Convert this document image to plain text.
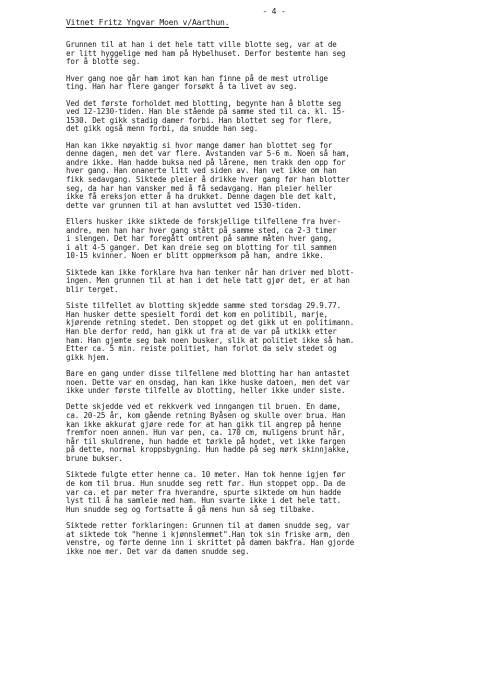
- 4 -
Vitnet Fritz Yngvar Moen v/Aarthun.
Grunnen til at han i det hele tatt ville blotte seg, var at de
er litt hyggelige med ham på Hybelhuset. Derfor bestemte han seg
for å blotte seg.
Hver gang noe går ham imot kan han finne på de mest utrolige
ting. Han har flere ganger forsøkt å ta livet av seg.
Ved det første forholdet med blotting, begynte han å blotte seg
ved 12-1230-tiden. Han ble stående på samme sted til ca. kl. 15-
1530. Det gikk stadig damer forbi. Han blottet seg for flere,
det gikk også menn forbi, da snudde han seg.
Han kan ikke nøyaktig si hvor mange damer han blottet seg for
denne dagen, men det var flere. Avstanden var 5-6 m. Noen så ham,
andre ikke. Han hadde buksa ned på lårene, men trakk den opp for
hver gang. Han onanerte litt ved siden av. Han vet ikke om han
fikk sedavgang. Siktede pleier å drikke hver gang før han blotter
seg, da har han vansker med å få sedavgang. Han pleier heller
ikke få ereksjon etter å ha drukket. Denne dagen ble det kalt,
dette var grunnen til at han avsluttet ved 1530-tiden.
Ellers husker ikke siktede de forskjellige tilfellene fra hver-
andre, men han har hver gang stått på samme sted, ca 2-3 timer
i slengen. Det har foregått omtrent på samme måten hver gang,
i alt 4-5 ganger. Det kan dreie seg om blotting for til sammen
10-15 kvinner. Noen er blitt oppmerksom på ham, andre ikke.
Siktede kan ikke forklare hva han tenker når han driver med blott-
ingen. Men grunnen til at han i det hele tatt gjør det, er at han
blir terget.
Siste tilfellet av blotting skjedde samme sted torsdag 29.9.77.
Han husker dette spesielt fordi det kom en politibil, marje,
kjørende retning stedet. Den stoppet og det gikk ut en politimann.
Han ble derfor redd, han gikk ut fra at de var på utkikk etter
ham. Han gjemte seg bak noen busker, slik at politiet ikke så ham.
Etter ca. 5 min. reiste politiet, han forlot da selv stedet og
gikk hjem.
Bare en gang under disse tilfellene med blotting har han antastet
noen. Dette var en onsdag, han kan ikke huske datoen, men det var
ikke under første tilfelle av blotting, heller ikke under siste.
Dette skjedde ved et rekkverk ved inngangen til bruen. En dame,
ca. 20-25 år, kom gående retning Byåsen og skulle over brua. Han
kan ikke akkurat gjøre rede for at han gikk til angrep på henne
fremfor noen annen. Hun var pen, ca. 170 cm, muligens brunt hår,
hår til skuldrene, hun hadde et tørkle på hodet, vet ikke fargen
på dette, normal kroppsbygning. Hun hadde på seg mørk skinnjakke,
brune bukser.
Siktede fulgte etter henne ca. 10 meter. Han tok henne igjen før
de kom til brua. Hun snudde seg rett før. Hun stoppet opp. Da de
var ca. et par meter fra hverandre, spurte siktede om hun hadde
lyst til å ha samleie med ham. Hun svarte ikke i det hele tatt.
Hun snudde seg og fortsatte å gå mens hun så seg tilbake.
Siktede retter forklaringen: Grunnen til at damen snudde seg, var
at siktede tok "henne i kjønnslemmet".Han tok sin friske arm, den
venstre, og førte denne inn i skrittet på damen bakfra. Han gjorde
ikke noe mer. Det var da damen snudde seg.
